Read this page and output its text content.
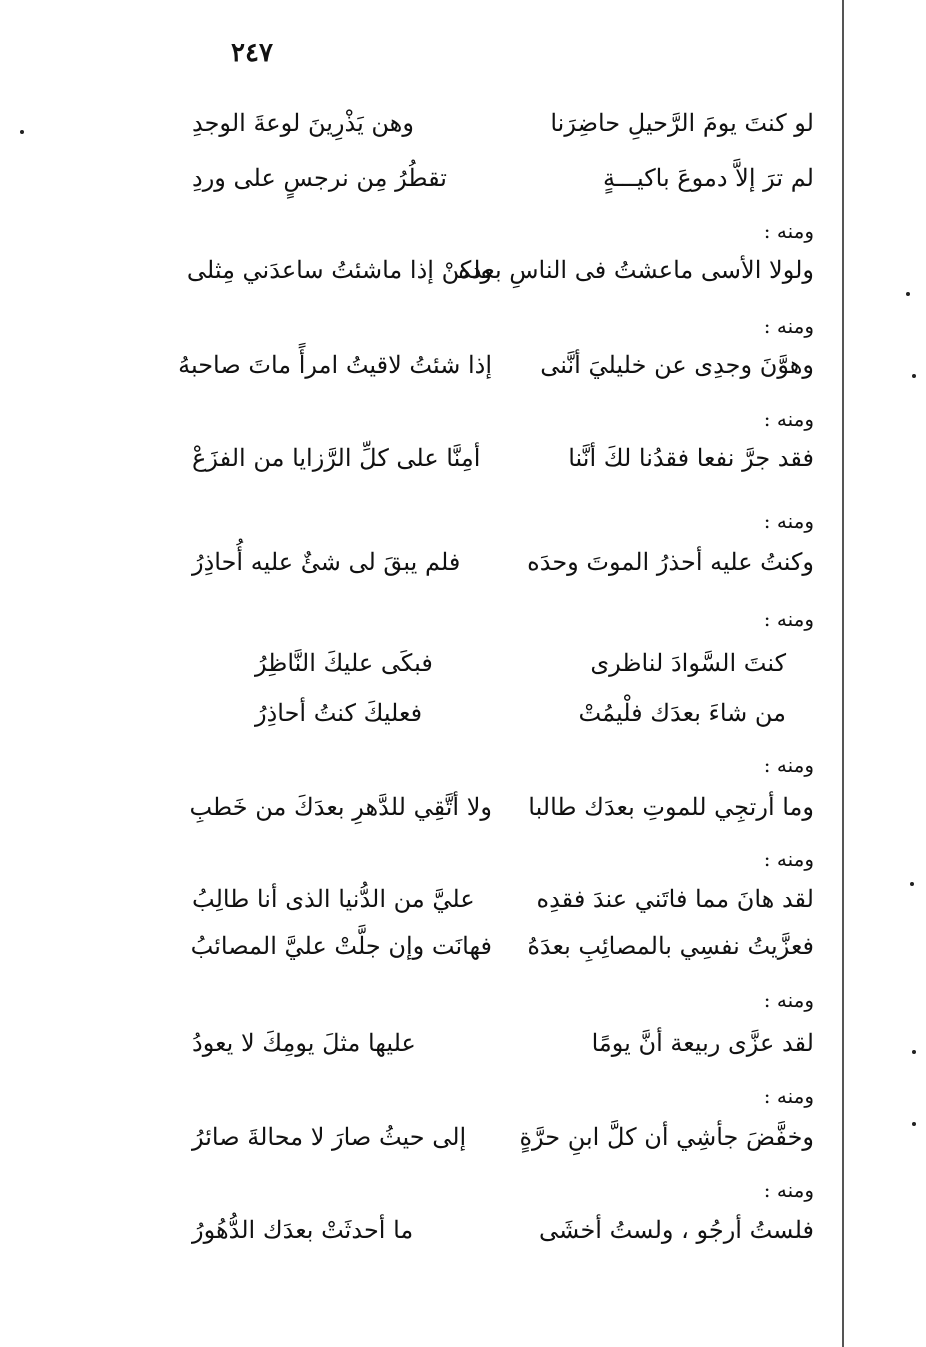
٢٤٧
لو كنتَ يومَ الرَّحيلِ حاضِرَنا
وهن يَذْرِينَ لوعةَ الوجدِ
لم ترَ إلاَّ دموعَ باكيـــةٍ
تقطُرُ مِن نرجسٍ على وردِ
ومنه :
ولولا الأسى ماعشتُ فى الناسِ بعده
ولكنْ إذا ماشئتُ ساعدَني مِثلى
ومنه :
وهوَّنَ وجدِى عن خليليَ أنَّنى
إذا شئتُ لاقيتُ امرأً ماتَ صاحبهُ
ومنه :
فقد جرَّ نفعا فقدُنا لكَ أنَّنا
أمِنَّا على كلِّ الرَّزايا من الفزَعْ
ومنه :
وكنتُ عليه أحذرُ الموتَ وحدَه
فلم يبقَ لى شئٌ عليه أُحاذِرُ
ومنه :
كنتَ السَّوادَ لناظرى
فبكَى عليكَ النَّاظِرُ
من شاءَ بعدَك فلْيمُتْ
فعليكَ كنتُ أحاذِرُ
ومنه :
وما أرتجِي للموتِ بعدَك طالبا
ولا أتَّقِي للدَّهرِ بعدَكَ من خَطبِ
ومنه :
لقد هانَ مما فاتَني عندَ فقدِه
عليَّ من الدُّنيا الذى أنا طالِبُ
فعزَّيتُ نفسِي بالمصائِبِ بعدَهُ
فهانَت وإن جلَّتْ عليَّ المصائبُ
ومنه :
لقد عزَّى ربيعة أنَّ يومًا
عليها مثلَ يومِكَ لا يعودُ
ومنه :
وخفَّضَ جأشِي أن كلَّ ابنِ حرَّةٍ
إلى حيثُ صارَ لا محالةَ صائرُ
ومنه :
فلستُ أرجُو ، ولستُ أخشَى
ما أحدثَتْ بعدَك الدُّهُورُ
